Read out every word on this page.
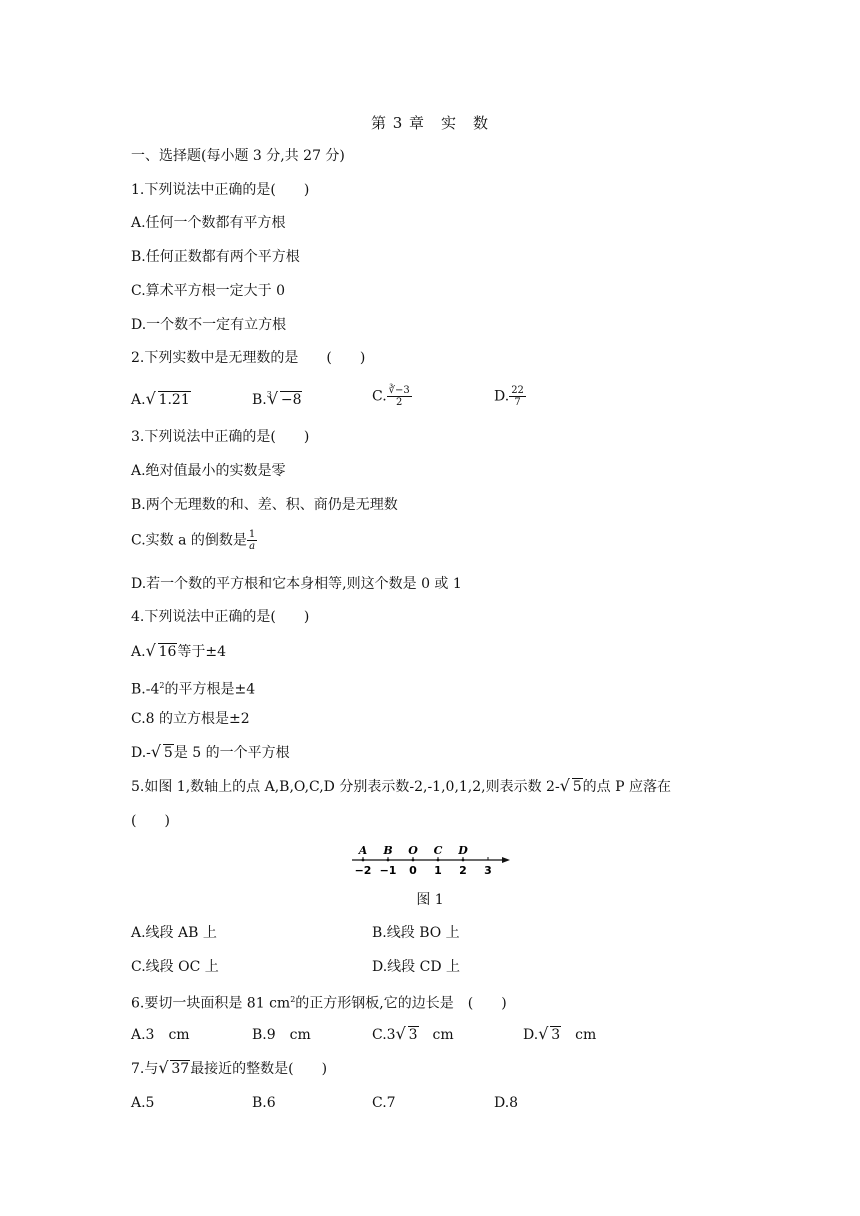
第 3 章　实　数
一、选择题(每小题 3 分,共 27 分)
1.下列说法中正确的是(　　)
A.任何一个数都有平方根
B.任何正数都有两个平方根
C.算术平方根一定大于 0
D.一个数不一定有立方根
2.下列实数中是无理数的是　　(　　)
A. √ 1.21	B.$^3$ √ −8	C. $\frac{∛-3}{2}$	D. $\frac{22}{7}$
3.下列说法中正确的是(　　)
A.绝对值最小的实数是零
B.两个无理数的和、差、积、商仍是无理数
C.实数 a 的倒数是 $\frac{1}{a}$
D.若一个数的平方根和它本身相等,则这个数是 0 或 1
4.下列说法中正确的是(　　)
A. √ 16等于±4
$B.-4^2$的平方根是±4
C.8 的立方根是±2
D.- √ 5是 5 的一个平方根
5.如图 1,数轴上的点 A,B,O,C,D 分别表示数-2,-1,0,1,2,则表示数 2- √ 5的点 P 应落在
(　　)
A B O C D
−2 −1 0 1 2 3
图 1
A.线段 AB 上	B.线段 BO 上
C.线段 OC 上	D.线段 CD 上
6.要切一块面积是 81 $cm^2$的正方形钢板,它的边长是　(　　)
A.3　cm	B.9　cm	C.3 √ 3　cm	D. √ 3　cm
7.与 √ 37最接近的整数是(　　)
A.5	B.6	C.7	D.8
